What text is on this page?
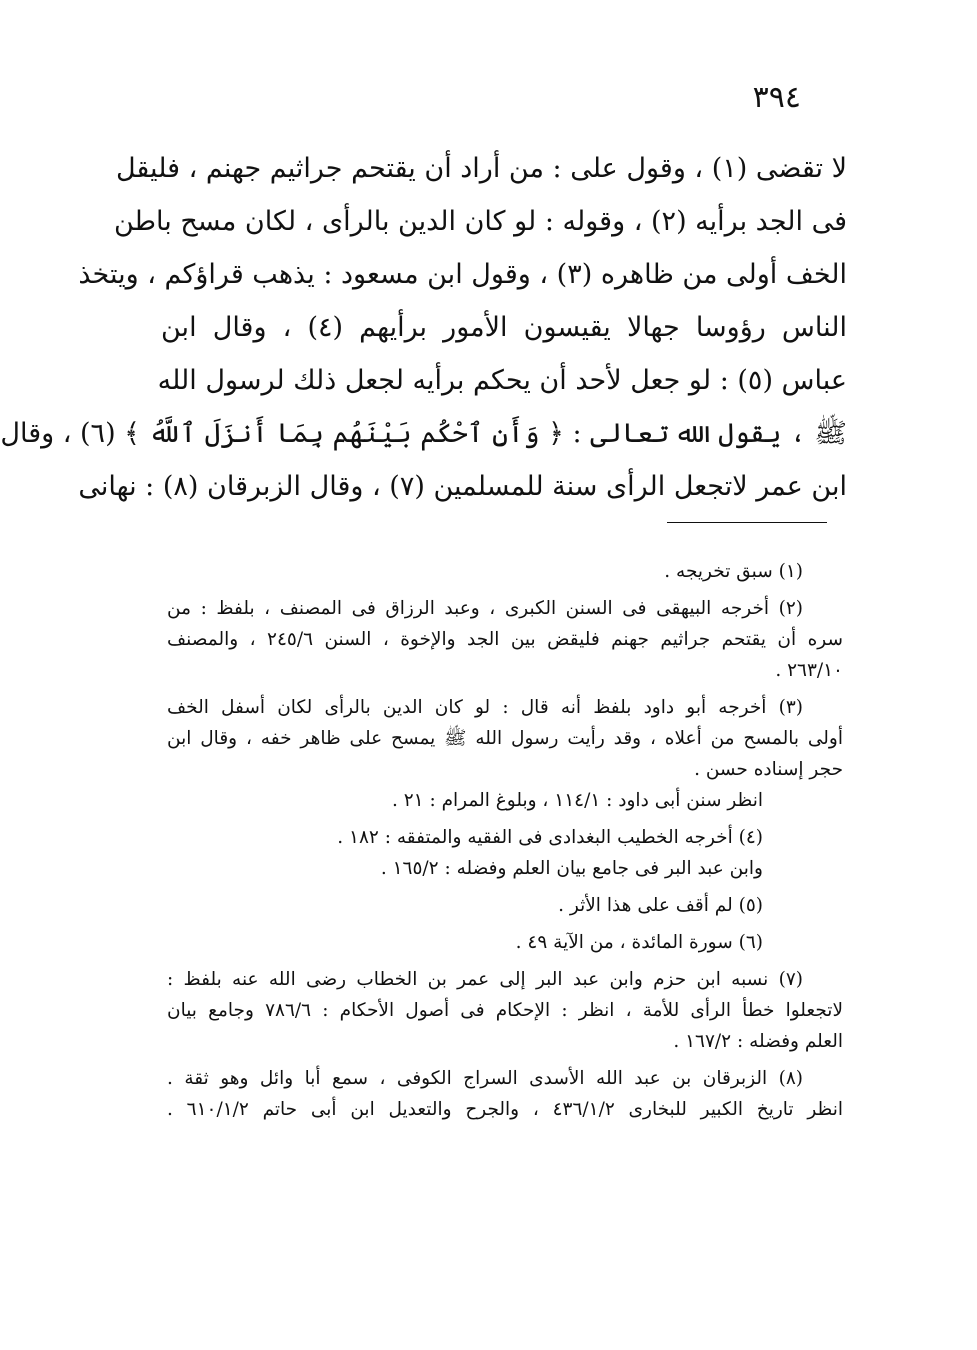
٣٩٤
لا تقضى (١) ، وقول على : من أراد أن يقتحم جراثيم جهنم ، فليقل
فى الجد برأيه (٢) ، وقوله : لو كان الدين بالرأى ، لكان مسح باطن
الخف أولى من ظاهره (٣) ، وقول ابن مسعود : يذهب قراؤكم ، ويتخذ
الناس رؤوسا جهالا يقيسون الأمور برأيهم (٤) ، وقال ابن
عباس (٥) : لو جعل لأحد أن يحكم برأيه لجعل ذلك لرسول الله
ﷺ ، يقول الله تعالى : ﴿ وَأَنِ ٱحْكُم بَيْنَهُم بِمَا أَنزَلَ ٱللَّهُ ﴾ (٦) ، وقال
ابن عمر لاتجعل الرأى سنة للمسلمين (٧) ، وقال الزبرقان (٨) : نهانى
(١) سبق تخريجه .
(٢) أخرجه البيهقى فى السنن الكبرى ، وعبد الرزاق فى المصنف ، بلفظ : من
سره أن يقتحم جراثيم جهنم فليقض بين الجد والإخوة ، السنن ٢٤٥/٦ ، والمصنف
٢٦٣/١٠ .
(٣) أخرجه أبو داود بلفظ أنه قال : لو كان الدين بالرأى لكان أسفل الخف
أولى بالمسح من أعلاه ، وقد رأيت رسول الله ﷺ يمسح على ظاهر خفه ، وقال ابن
حجر إسناده حسن .
انظر سنن أبى داود : ١١٤/١ ، وبلوغ المرام : ٢١ .
(٤) أخرجه الخطيب البغدادى فى الفقيه والمتفقه : ١٨٢ .
وابن عبد البر فى جامع بيان العلم وفضله : ١٦٥/٢ .
(٥) لم أقف على هذا الأثر .
(٦) سورة المائدة ، من الآية ٤٩ .
(٧) نسبه ابن حزم وابن عبد البر إلى عمر بن الخطاب رضى الله عنه بلفظ :
لاتجعلوا خطأ الرأى للأمة ، انظر : الإحكام فى أصول الأحكام : ٧٨٦/٦ وجامع بيان
العلم وفضله : ١٦٧/٢ .
(٨) الزبرقان بن عبد الله الأسدى السراج الكوفى ، سمع أبا وائل وهو ثقة .
انظر تاريخ الكبير للبخارى ٤٣٦/١/٢ ، والجرح والتعديل ابن أبى حاتم ٦١٠/١/٢ .
